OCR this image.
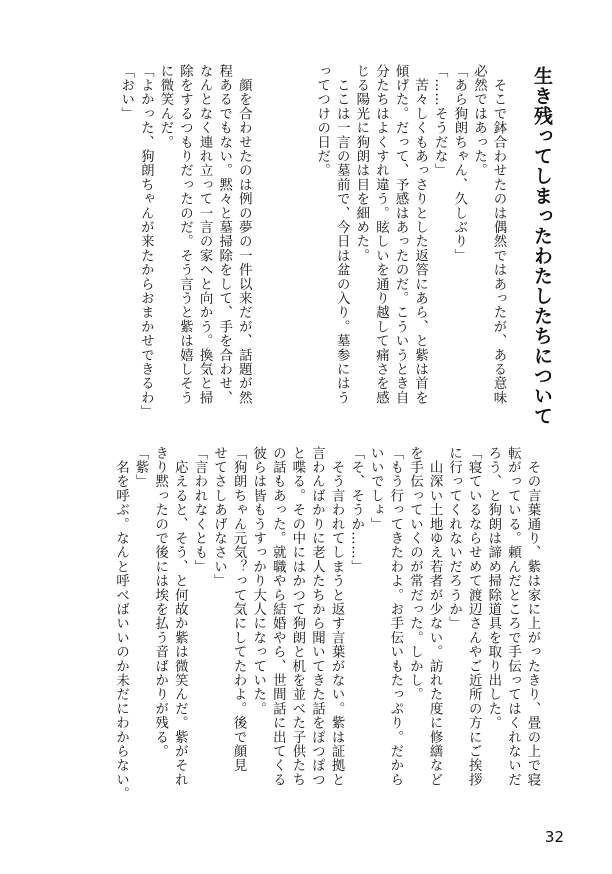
生き残ってしまったわたしたちについて
　そこで鉢合わせたのは偶然ではあったが、ある意味
必然ではあった。
「あら狗朗ちゃん、久しぶり」
「……そうだな」
　苦々しくもあっさりとした返答にあら、と紫は首を
傾げた。だって、予感はあったのだ。こういうとき自
分たちはよくすれ違う。眩しいを通り越して痛さを感
じる陽光に狗朗は目を細めた。
　ここは一言の墓前で、今日は盆の入り。墓参にはう
ってつけの日だ。

　顔を合わせたのは例の夢の一件以来だが、話題が然
程あるでもない。黙々と墓掃除をして、手を合わせ、
なんとなく連れ立って一言の家へと向かう。換気と掃
除をするつもりだったのだ。そう言うと紫は嬉しそう
に微笑んだ。
「よかった、狗朗ちゃんが来たからおまかせできるわ」
「おい」
　その言葉通り、紫は家に上がったきり、畳の上で寝
転がっている。頼んだところで手伝ってはくれないだ
ろう、と狗朗は諦め掃除道具を取り出した。
「寝ているならせめて渡辺さんやご近所の方にご挨拶
に行ってくれないだろうか」
　山深い土地ゆえ若者が少ない。訪れた度に修繕など
を手伝っていくのが常だった。しかし。
「もう行ってきたわよ。お手伝いもたっぷり。だから
いいでしょ」
「そ、そうか……」
　そう言われてしまうと返す言葉がない。紫は証拠と
言わんばかりに老人たちから聞いてきた話をぽつぽつ
と喋る。その中にはかつて狗朗と机を並べた子供たち
の話もあった。就職やら結婚やら、世間話に出てくる
彼らは皆もうすっかり大人になっていた。
「狗朗ちゃん元気？って気にしてたわよ。後で顔見
せてさしあげなさい」
「言われなくとも」
　応えると、そう、と何故か紫は微笑んだ。紫がそれ
きり黙ったので後には埃を払う音ばかりが残る。
「紫」
　名を呼ぶ。なんと呼べばいいのか未だにわからない。
32
